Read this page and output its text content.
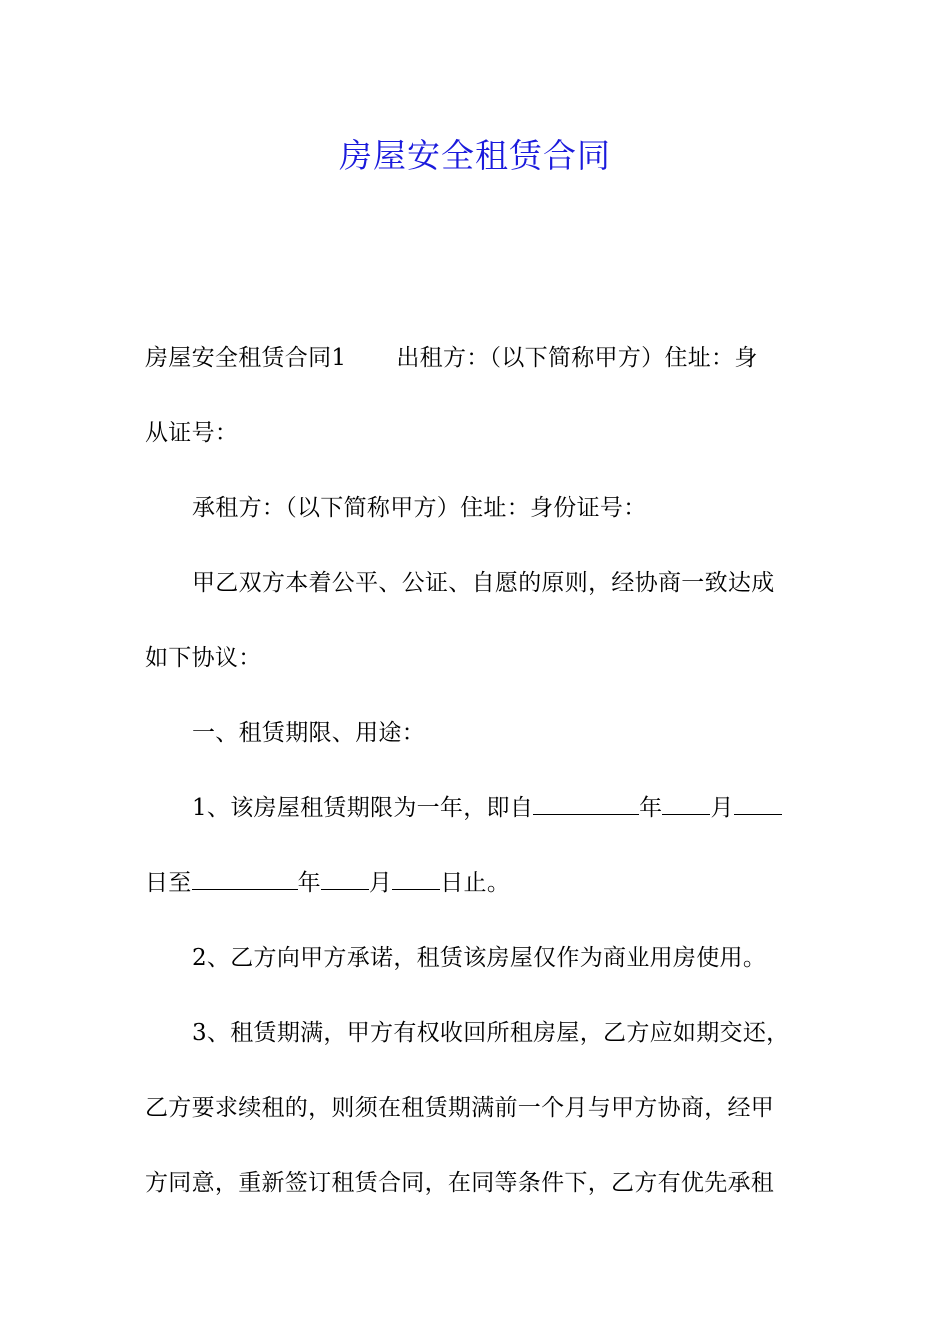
房屋安全租赁合同
房屋安全租赁合同1 出租方：（以下简称甲方）住址：身
从证号：
承租方：（以下简称甲方）住址：身份证号：
甲乙双方本着公平、公证、自愿的原则，经协商一致达成
如下协议：
一、租赁期限、用途：
1、该房屋租赁期限为一年，即自	年 月
日至	年 月 日止。
2、乙方向甲方承诺，租赁该房屋仅作为商业用房使用。
3、租赁期满，甲方有权收回所租房屋，乙方应如期交还，
乙方要求续租的，则须在租赁期满前一个月与甲方协商，经甲
方同意，重新签订租赁合同，在同等条件下，乙方有优先承租
